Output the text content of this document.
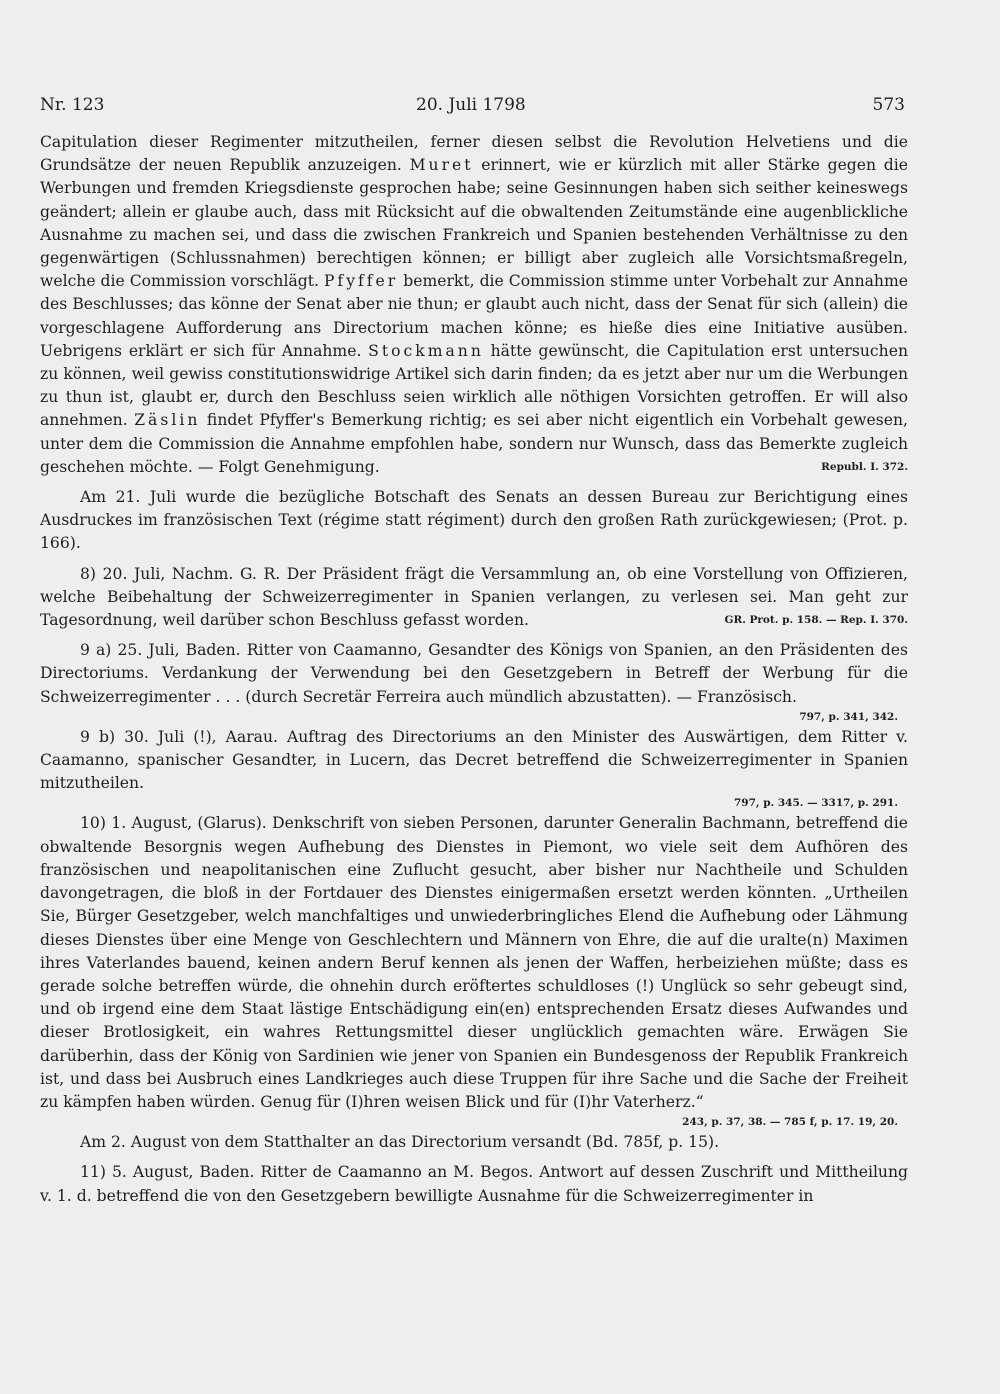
Nr. 123	20. Juli 1798	573

Capitulation dieser Regimenter mitzutheilen, ferner diesen selbst die Revolution Helvetiens und die Grundsätze der neuen Republik anzuzeigen. Muret erinnert, wie er kürzlich mit aller Stärke gegen die Werbungen und fremden Kriegsdienste gesprochen habe; seine Gesinnungen haben sich seither keineswegs geändert; allein er glaube auch, dass mit Rücksicht auf die obwaltenden Zeitumstände eine augenblickliche Ausnahme zu machen sei, und dass die zwischen Frankreich und Spanien bestehenden Verhältnisse zu den gegenwärtigen (Schlussnahmen) berechtigen können; er billigt aber zugleich alle Vorsichtsmaßregeln, welche die Commission vorschlägt. Pfyffer bemerkt, die Commission stimme unter Vorbehalt zur Annahme des Beschlusses; das könne der Senat aber nie thun; er glaubt auch nicht, dass der Senat für sich (allein) die vorgeschlagene Aufforderung ans Directorium machen könne; es hieße dies eine Initiative ausüben. Uebrigens erklärt er sich für Annahme. Stockmann hätte gewünscht, die Capitulation erst untersuchen zu können, weil gewiss constitutionswidrige Artikel sich darin finden; da es jetzt aber nur um die Werbungen zu thun ist, glaubt er, durch den Beschluss seien wirklich alle nöthigen Vorsichten getroffen. Er will also annehmen. Zäslin findet Pfyffer's Bemerkung richtig; es sei aber nicht eigentlich ein Vorbehalt gewesen, unter dem die Commission die Annahme empfohlen habe, sondern nur Wunsch, dass das Bemerkte zugleich geschehen möchte. — Folgt Genehmigung.	Republ. I. 372.

Am 21. Juli wurde die bezügliche Botschaft des Senats an dessen Bureau zur Berichtigung eines Ausdruckes im französischen Text (régime statt régiment) durch den großen Rath zurückgewiesen; (Prot. p. 166).

8) 20. Juli, Nachm. G. R. Der Präsident frägt die Versammlung an, ob eine Vorstellung von Offizieren, welche Beibehaltung der Schweizerregimenter in Spanien verlangen, zu verlesen sei. Man geht zur Tagesordnung, weil darüber schon Beschluss gefasst worden.	GR. Prot. p. 158. — Rep. I. 370.

9 a) 25. Juli, Baden. Ritter von Caamanno, Gesandter des Königs von Spanien, an den Präsidenten des Directoriums. Verdankung der Verwendung bei den Gesetzgebern in Betreff der Werbung für die Schweizerregimenter . . . (durch Secretär Ferreira auch mündlich abzustatten). — Französisch.

797, p. 341, 342.

9 b) 30. Juli (!), Aarau. Auftrag des Directoriums an den Minister des Auswärtigen, dem Ritter v. Caamanno, spanischer Gesandter, in Lucern, das Decret betreffend die Schweizerregimenter in Spanien mitzutheilen.

797, p. 345. — 3317, p. 291.

10) 1. August, (Glarus). Denkschrift von sieben Personen, darunter Generalin Bachmann, betreffend die obwaltende Besorgnis wegen Aufhebung des Dienstes in Piemont, wo viele seit dem Aufhören des französischen und neapolitanischen eine Zuflucht gesucht, aber bisher nur Nachtheile und Schulden davongetragen, die bloß in der Fortdauer des Dienstes einigermaßen ersetzt werden könnten. „Urtheilen Sie, Bürger Gesetzgeber, welch manchfaltiges und unwiederbringliches Elend die Aufhebung oder Lähmung dieses Dienstes über eine Menge von Geschlechtern und Männern von Ehre, die auf die uralte(n) Maximen ihres Vaterlandes bauend, keinen andern Beruf kennen als jenen der Waffen, herbeiziehen müßte; dass es gerade solche betreffen würde, die ohnehin durch eröftertes schuldloses (!) Unglück so sehr gebeugt sind, und ob irgend eine dem Staat lästige Entschädigung ein(en) entsprechenden Ersatz dieses Aufwandes und dieser Brotlosigkeit, ein wahres Rettungsmittel dieser unglücklich gemachten wäre. Erwägen Sie darüberhin, dass der König von Sardinien wie jener von Spanien ein Bundesgenoss der Republik Frankreich ist, und dass bei Ausbruch eines Landkrieges auch diese Truppen für ihre Sache und die Sache der Freiheit zu kämpfen haben würden. Genug für (I)hren weisen Blick und für (I)hr Vaterherz.“

243, p. 37, 38. — 785 f, p. 17. 19, 20.

Am 2. August von dem Statthalter an das Directorium versandt (Bd. 785f, p. 15).

11) 5. August, Baden. Ritter de Caamanno an M. Begos. Antwort auf dessen Zuschrift und Mittheilung v. 1. d. betreffend die von den Gesetzgebern bewilligte Ausnahme für die Schweizerregimenter in
